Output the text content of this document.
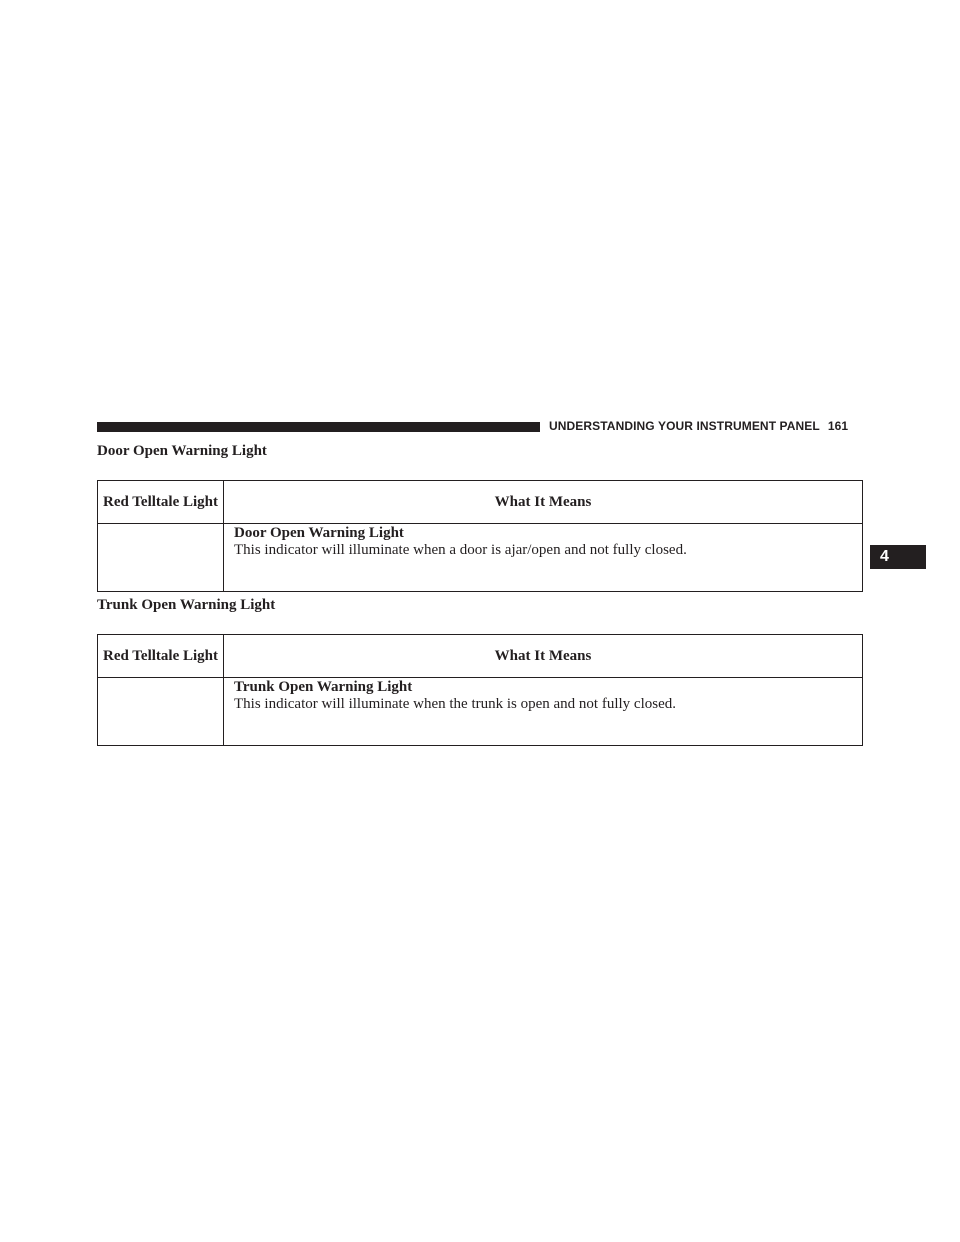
UNDERSTANDING YOUR INSTRUMENT PANEL 161
4
Door Open Warning Light
Red Telltale Light	What It Means

	Door Open Warning Light
This indicator will illuminate when a door is ajar/open and not fully closed.
Trunk Open Warning Light
Red Telltale Light	What It Means

	Trunk Open Warning Light
This indicator will illuminate when the trunk is open and not fully closed.
